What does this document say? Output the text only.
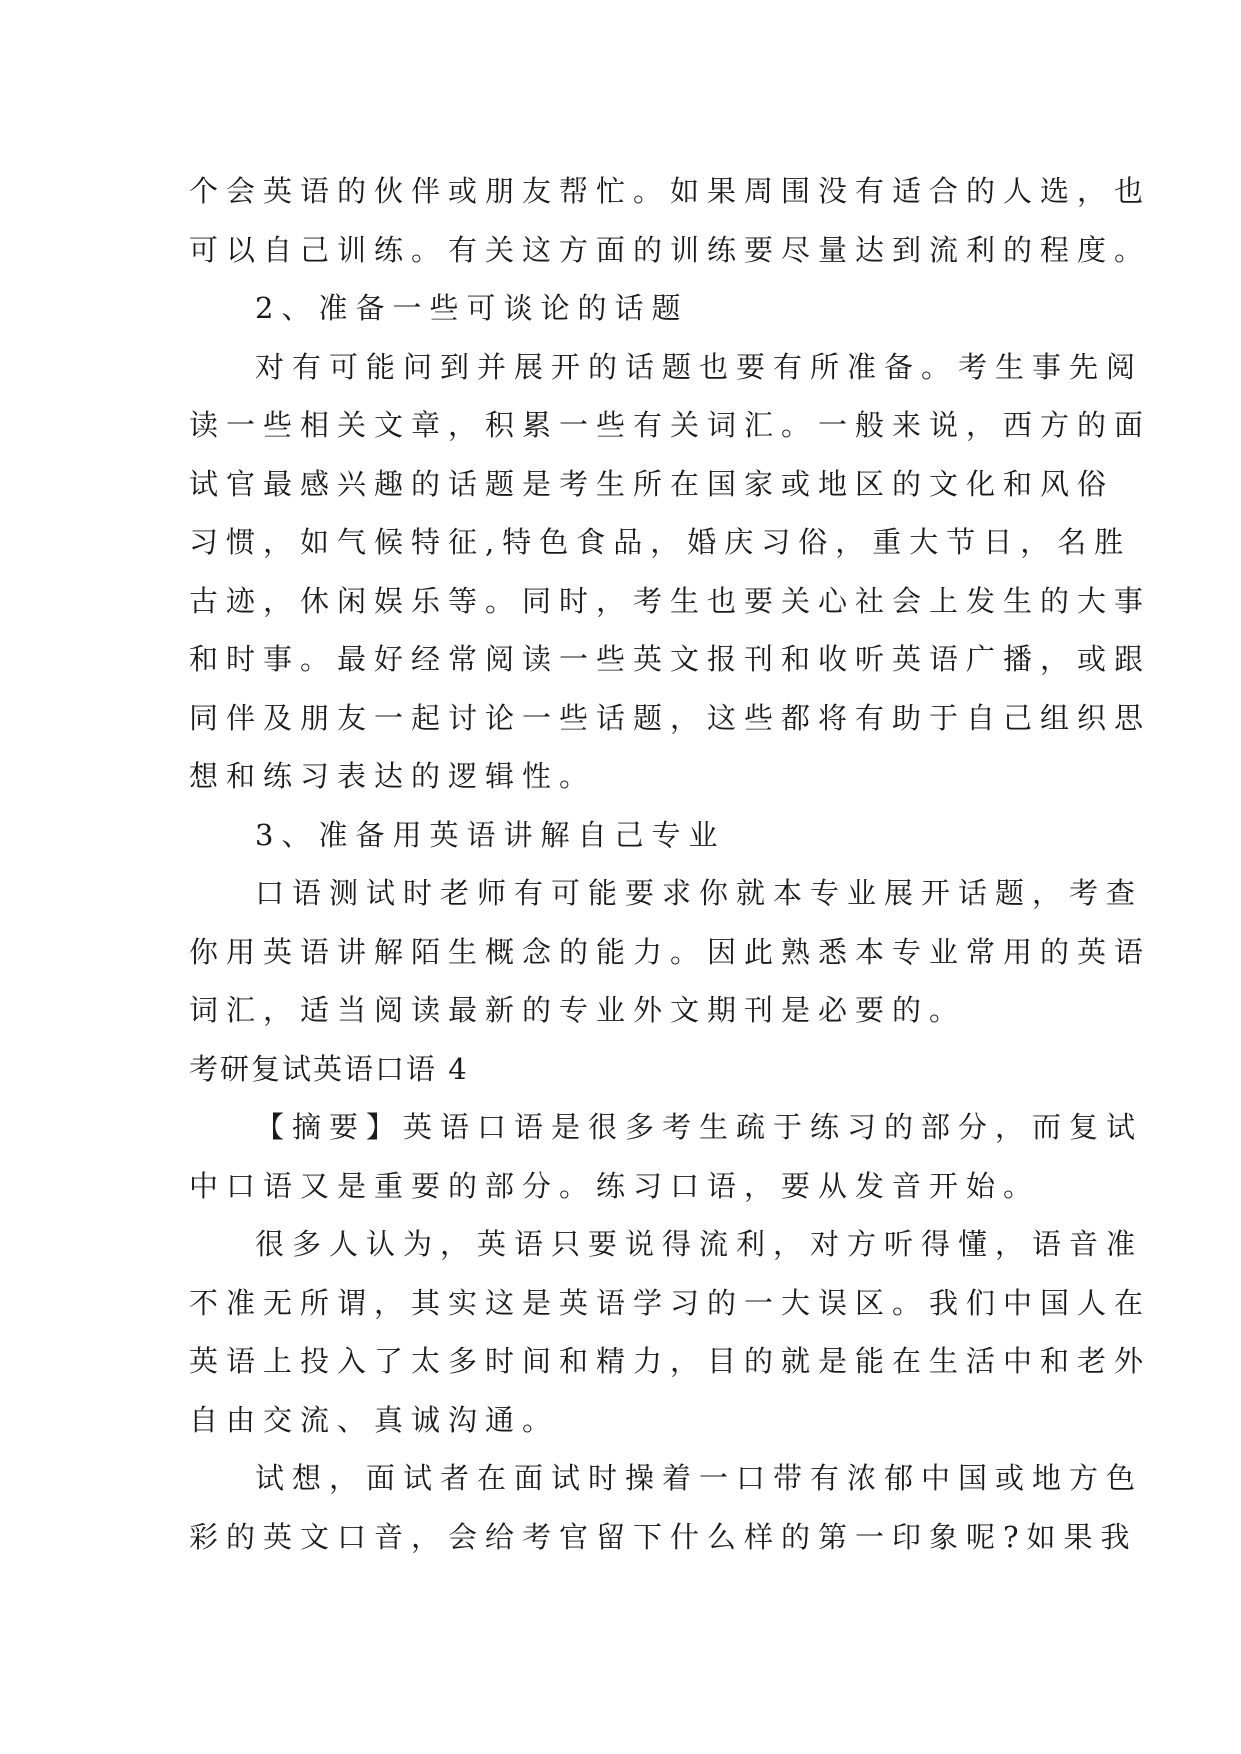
个会英语的伙伴或朋友帮忙。如果周围没有适合的人选，也
可以自己训练。有关这方面的训练要尽量达到流利的程度。
2、准备一些可谈论的话题
对有可能问到并展开的话题也要有所准备。考生事先阅
读一些相关文章，积累一些有关词汇。一般来说，西方的面
试官最感兴趣的话题是考生所在国家或地区的文化和风俗
习惯，如气候特征,特色食品，婚庆习俗，重大节日，名胜
古迹，休闲娱乐等。同时，考生也要关心社会上发生的大事
和时事。最好经常阅读一些英文报刊和收听英语广播，或跟
同伴及朋友一起讨论一些话题，这些都将有助于自己组织思
想和练习表达的逻辑性。
3、准备用英语讲解自己专业
口语测试时老师有可能要求你就本专业展开话题，考查
你用英语讲解陌生概念的能力。因此熟悉本专业常用的英语
词汇，适当阅读最新的专业外文期刊是必要的。
考研复试英语口语 4
【摘要】英语口语是很多考生疏于练习的部分，而复试
中口语又是重要的部分。练习口语，要从发音开始。
很多人认为，英语只要说得流利，对方听得懂，语音准
不准无所谓，其实这是英语学习的一大误区。我们中国人在
英语上投入了太多时间和精力，目的就是能在生活中和老外
自由交流、真诚沟通。
试想，面试者在面试时操着一口带有浓郁中国或地方色
彩的英文口音，会给考官留下什么样的第一印象呢?如果我
